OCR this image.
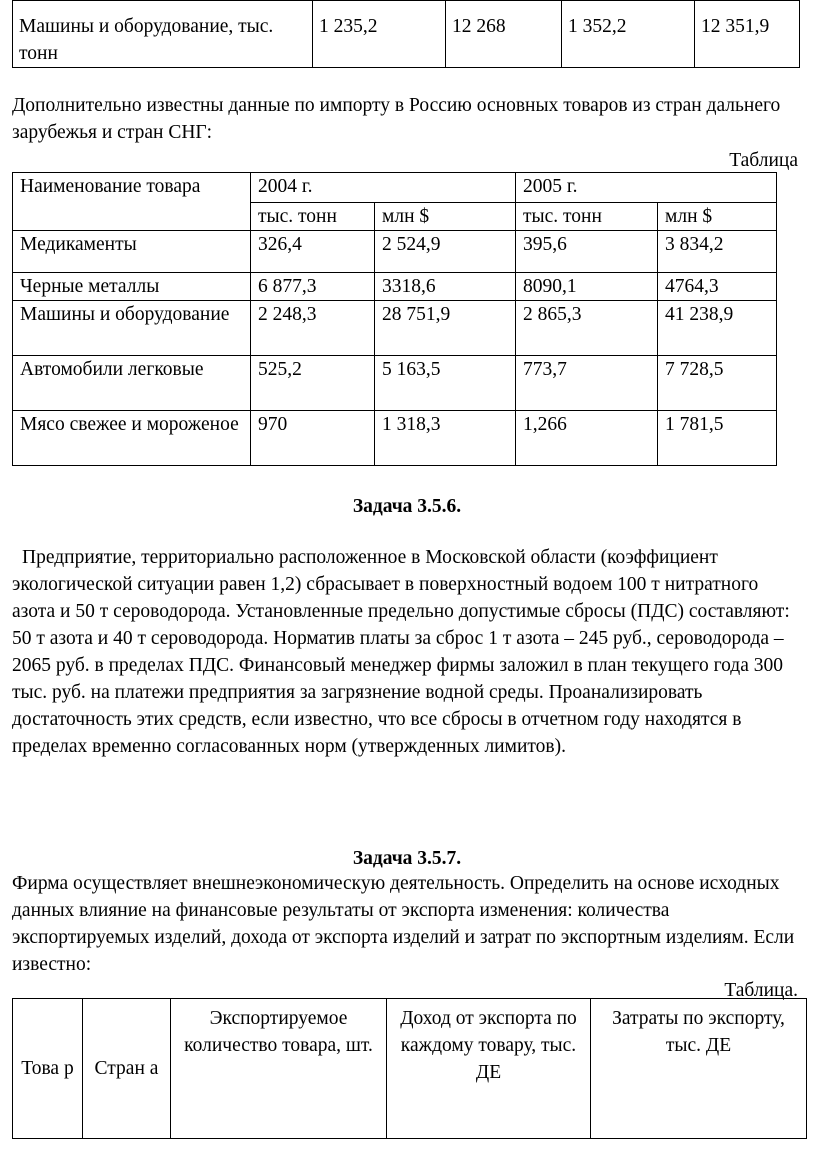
Машины и оборудование, тыс. тонн	1 235,2	12 268	1 352,2	12 351,9

Дополнительно известны данные по импорту в Россию основных товаров из стран дальнего зарубежья и стран СНГ:

Таблица
Наименование товара	2004 г.		2005 г.	
	тыс. тонн	млн $	тыс. тонн	млн $
Медикаменты	326,4	2 524,9	395,6	3 834,2
Черные металлы	6 877,3	3318,6	8090,1	4764,3
Машины и оборудование	2 248,3	28 751,9	2 865,3	41 238,9
Автомобили легковые	525,2	5 163,5	773,7	7 728,5
Мясо свежее и мороженое	970	1 318,3	1,266	1 781,5
Задача 3.5.6.

Предприятие, территориально расположенное в Московской области (коэффициент экологической ситуации равен 1,2) сбрасывает в поверхностный водоем 100 т нитратного азота и 50 т сероводорода. Установленные предельно допустимые сбросы (ПДС) составляют: 50 т азота и 40 т сероводорода. Норматив платы за сброс 1 т азота – 245 руб., сероводорода – 2065 руб. в пределах ПДС. Финансовый менеджер фирмы заложил в план текущего года 300 тыс. руб. на платежи предприятия за загрязнение водной среды. Проанализировать достаточность этих средств, если известно, что все сбросы в отчетном году находятся в пределах временно согласованных норм (утвержденных лимитов).

Задача 3.5.7.

Фирма осуществляет внешнеэкономическую деятельность. Определить на основе исходных данных влияние на финансовые результаты от экспорта изменения: количества экспортируемых изделий, дохода от экспорта изделий и затрат по экспортным изделиям. Если известно:

Таблица.
Това р	Стран а	Экспортируемое количество товара, шт.	Доход от экспорта по каждому товару, тыс. ДЕ	Затраты по экспорту, тыс. ДЕ
